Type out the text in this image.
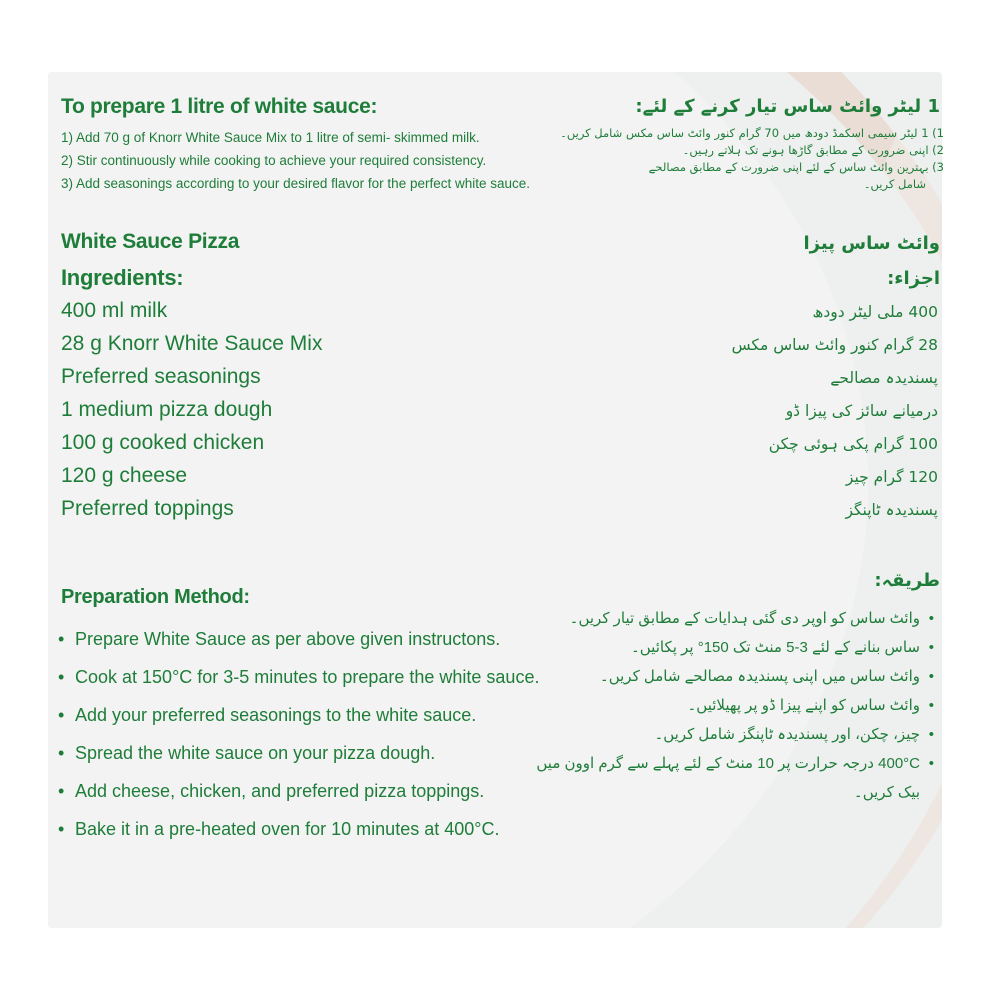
To prepare 1 litre of white sauce:

1) Add 70 g of Knorr White Sauce Mix to 1 litre of semi- skimmed milk.

2) Stir continuously while cooking to achieve your required consistency.

3) Add seasonings according to your desired flavor for the perfect white sauce.

White Sauce Pizza

Ingredients:

400 ml milk

28 g Knorr White Sauce Mix

Preferred seasonings

1 medium pizza dough

100 g cooked chicken

120 g cheese

Preferred toppings

Preparation Method:

• Prepare White Sauce as per above given instructons.
• Cook at 150°C for 3-5 minutes to prepare the white sauce.
• Add your preferred seasonings to the white sauce.
• Spread the white sauce on your pizza dough.
• Add cheese, chicken, and preferred pizza toppings.
• Bake it in a pre-heated oven for 10 minutes at 400°C.

1 لیٹر وائٹ ساس تیار کرنے کے لئے:

1) 1 لیٹر سیمی اسکمڈ دودھ میں 70 گرام کنور وائٹ ساس مکس شامل کریں۔

2) اپنی ضرورت کے مطابق گاڑھا ہونے تک ہلاتے رہیں۔

3) بہترین وائٹ ساس کے لئے اپنی ضرورت کے مطابق مصالحے

شامل کریں۔

وائٹ ساس پیزا

اجزاء:

400 ملی لیٹر دودھ

28 گرام کنور وائٹ ساس مکس

پسندیدہ مصالحے

درمیانے سائز کی پیزا ڈو

100 گرام پکی ہوئی چکن

120 گرام چیز

پسندیدہ ٹاپنگز

طریقہ:

• وائٹ ساس کو اوپر دی گئی ہدایات کے مطابق تیار کریں۔
• ساس بنانے کے لئے 3-5 منٹ تک 150° پر پکائیں۔
• وائٹ ساس میں اپنی پسندیدہ مصالحے شامل کریں۔
• وائٹ ساس کو اپنے پیزا ڈو پر پھیلائیں۔
• چیز، چکن، اور پسندیدہ ٹاپنگز شامل کریں۔
• 400°C درجہ حرارت پر 10 منٹ کے لئے پہلے سے گرم اوون میں بیک کریں۔
